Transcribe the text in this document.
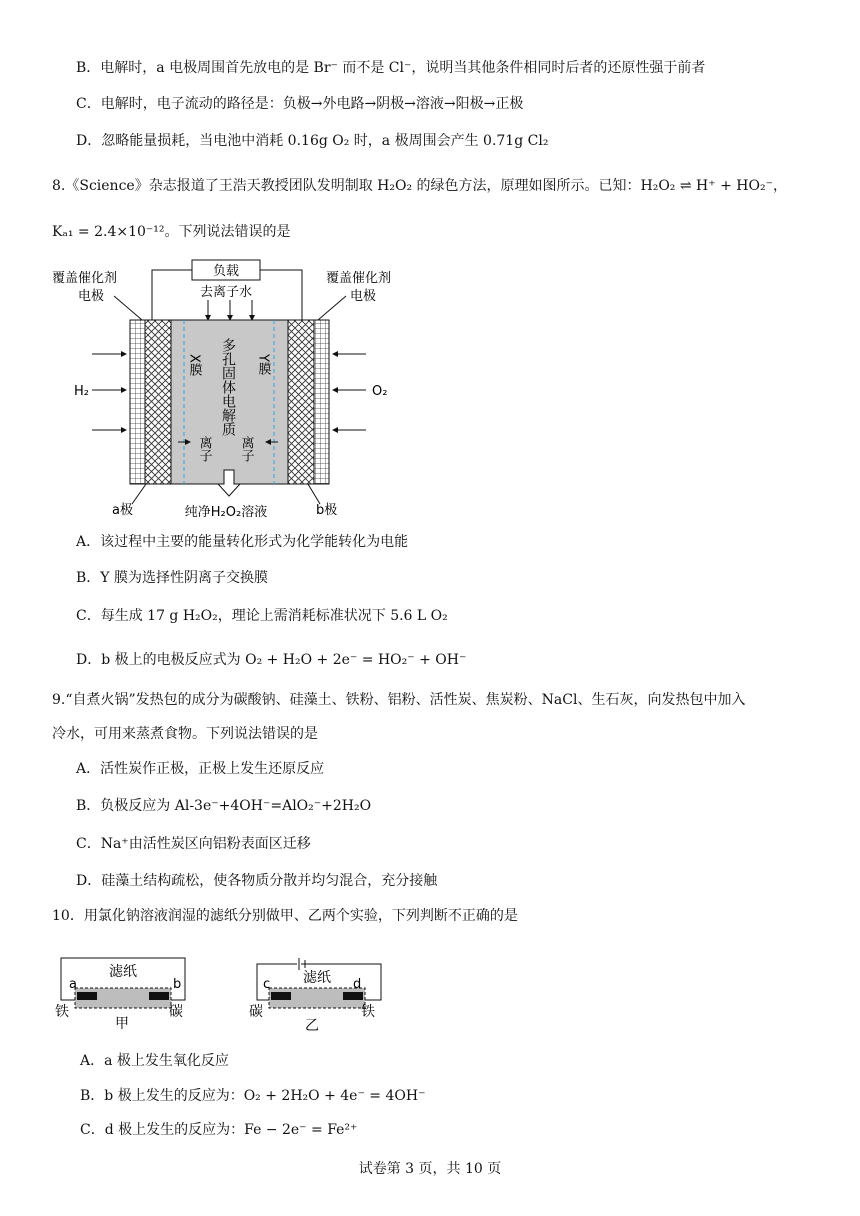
B．电解时，a 电极周围首先放电的是 Br⁻ 而不是 Cl⁻，说明当其他条件相同时后者的还原性强于前者
C．电解时，电子流动的路径是：负极→外电路→阴极→溶液→阳极→正极
D．忽略能量损耗，当电池中消耗 0.16g O₂ 时，a 极周围会产生 0.71g Cl₂
8.《Science》杂志报道了王浩天教授团队发明制取 H₂O₂ 的绿色方法，原理如图所示。已知：H₂O₂ ⇌ H⁺ + HO₂⁻，
Kₐ₁ = 2.4×10⁻¹²。下列说法错误的是
负载
去离子水
覆盖催化剂
电极
覆盖催化剂
电极
X膜	Y膜
多孔固体电解质
离子 离子
H₂	O₂
a极	b极
纯净H₂O₂溶液
A．该过程中主要的能量转化形式为化学能转化为电能
B．Y 膜为选择性阴离子交换膜
C．每生成 17 g H₂O₂，理论上需消耗标准状况下 5.6 L O₂
D．b 极上的电极反应式为 O₂ + H₂O + 2e⁻ = HO₂⁻ + OH⁻
9.“自煮火锅”发热包的成分为碳酸钠、硅藻土、铁粉、铝粉、活性炭、焦炭粉、NaCl、生石灰，向发热包中加入
冷水，可用来蒸煮食物。下列说法错误的是
A．活性炭作正极，正极上发生还原反应
B．负极反应为 Al-3e⁻+4OH⁻=AlO₂⁻+2H₂O
C．Na⁺由活性炭区向铝粉表面区迁移
D．硅藻土结构疏松，使各物质分散并均匀混合，充分接触
10．用氯化钠溶液润湿的滤纸分别做甲、乙两个实验，下列判断不正确的是
滤纸
a	b
铁	碳
甲
滤纸
c	d
碳	铁
乙
A．a 极上发生氧化反应
B．b 极上发生的反应为：O₂ + 2H₂O + 4e⁻ = 4OH⁻
C．d 极上发生的反应为：Fe − 2e⁻ = Fe²⁺
试卷第 3 页，共 10 页
